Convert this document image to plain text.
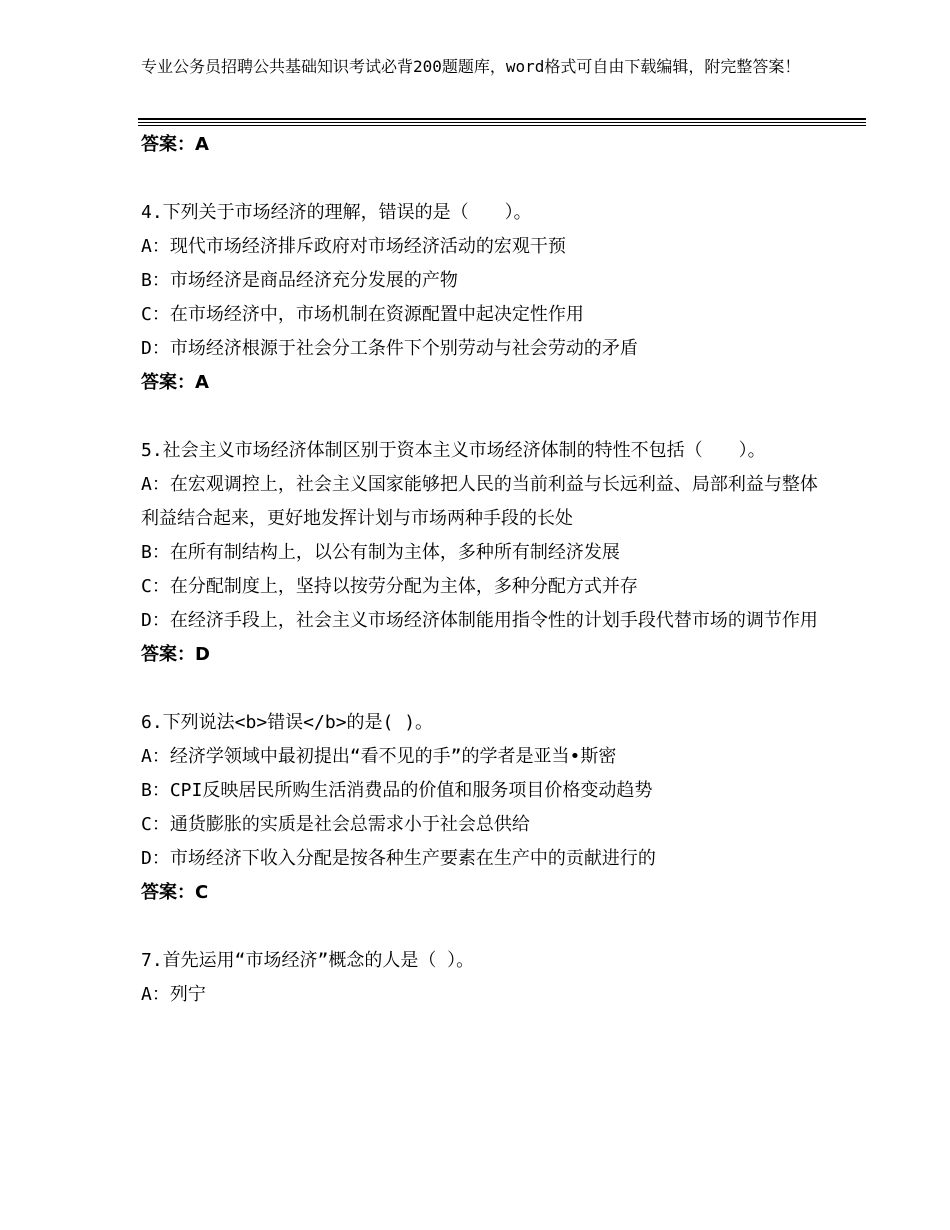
专业公务员招聘公共基础知识考试必背200题题库，word格式可自由下载编辑，附完整答案！

答案：A

4.下列关于市场经济的理解，错误的是（　　）。

A：现代市场经济排斥政府对市场经济活动的宏观干预

B：市场经济是商品经济充分发展的产物

C：在市场经济中，市场机制在资源配置中起决定性作用

D：市场经济根源于社会分工条件下个别劳动与社会劳动的矛盾

答案：A

5.社会主义市场经济体制区别于资本主义市场经济体制的特性不包括（　　）。

A：在宏观调控上，社会主义国家能够把人民的当前利益与长远利益、局部利益与整体利益结合起来，更好地发挥计划与市场两种手段的长处

B：在所有制结构上，以公有制为主体，多种所有制经济发展

C：在分配制度上，坚持以按劳分配为主体，多种分配方式并存

D：在经济手段上，社会主义市场经济体制能用指令性的计划手段代替市场的调节作用

答案：D

6.下列说法<b>错误</b>的是( )。

A：经济学领域中最初提出“看不见的手”的学者是亚当•斯密

B：CPI反映居民所购生活消费品的价值和服务项目价格变动趋势

C：通货膨胀的实质是社会总需求小于社会总供给

D：市场经济下收入分配是按各种生产要素在生产中的贡献进行的

答案：C

7.首先运用“市场经济”概念的人是（ ）。

A：列宁
